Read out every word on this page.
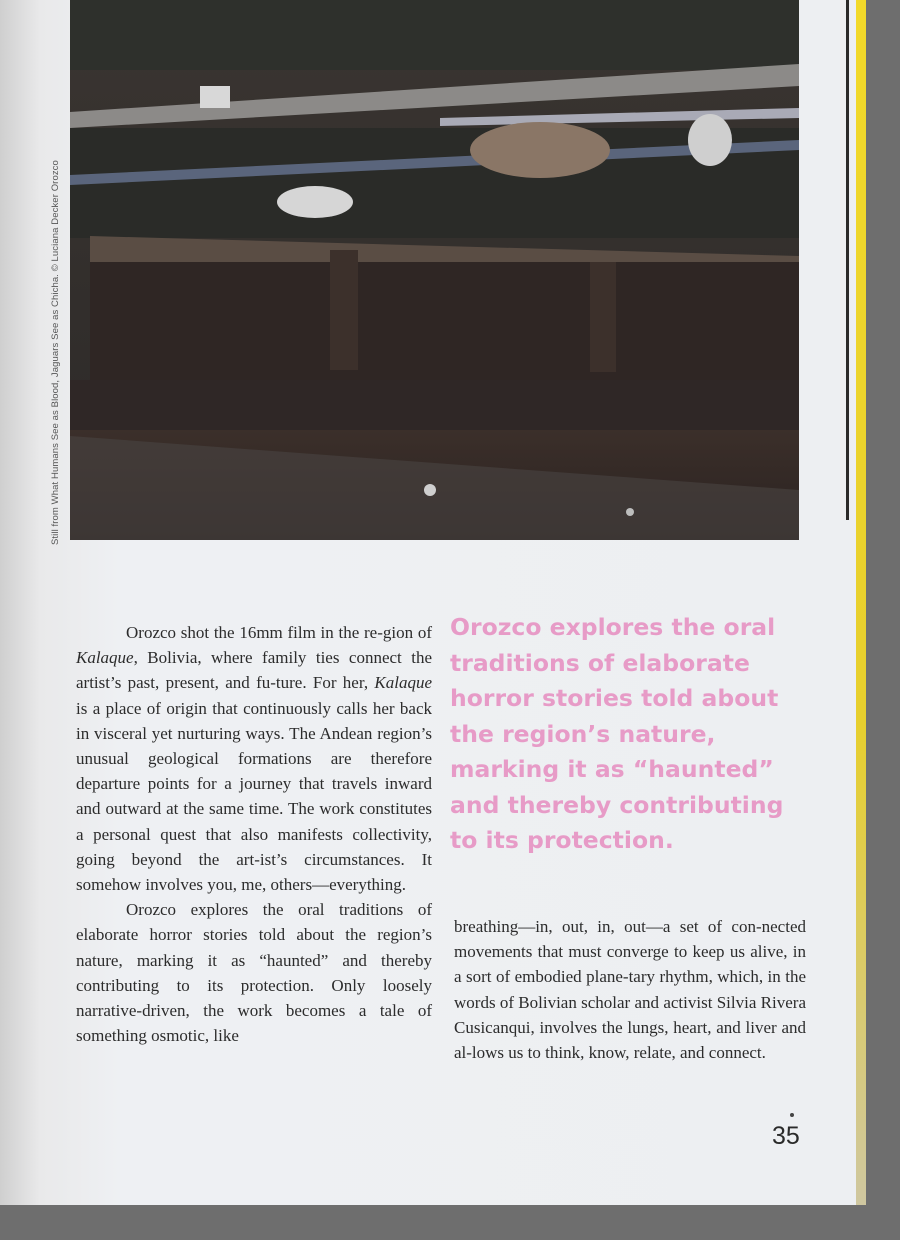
Still from What Humans See as Blood, Jaguars See as Chicha. © Luciana Decker Orozco

Orozco shot the 16mm film in the re-gion of Kalaque, Bolivia, where family ties connect the artist’s past, present, and fu-ture. For her, Kalaque is a place of origin that continuously calls her back in visceral yet nurturing ways. The Andean region’s unusual geological formations are therefore departure points for a journey that travels inward and outward at the same time. The work constitutes a personal quest that also manifests collectivity, going beyond the art-ist’s circumstances. It somehow involves you, me, others—everything.

Orozco explores the oral traditions of elaborate horror stories told about the region’s nature, marking it as “haunted” and thereby contributing to its protection. Only loosely narrative-driven, the work becomes a tale of something osmotic, like

Orozco explores the oral traditions of elaborate horror stories told about the region’s nature, marking it as “haunted” and thereby contributing to its protection.

breathing—in, out, in, out—a set of con-nected movements that must converge to keep us alive, in a sort of embodied plane-tary rhythm, which, in the words of Bolivian scholar and activist Silvia Rivera Cusicanqui, involves the lungs, heart, and liver and al-lows us to think, know, relate, and connect.

35
